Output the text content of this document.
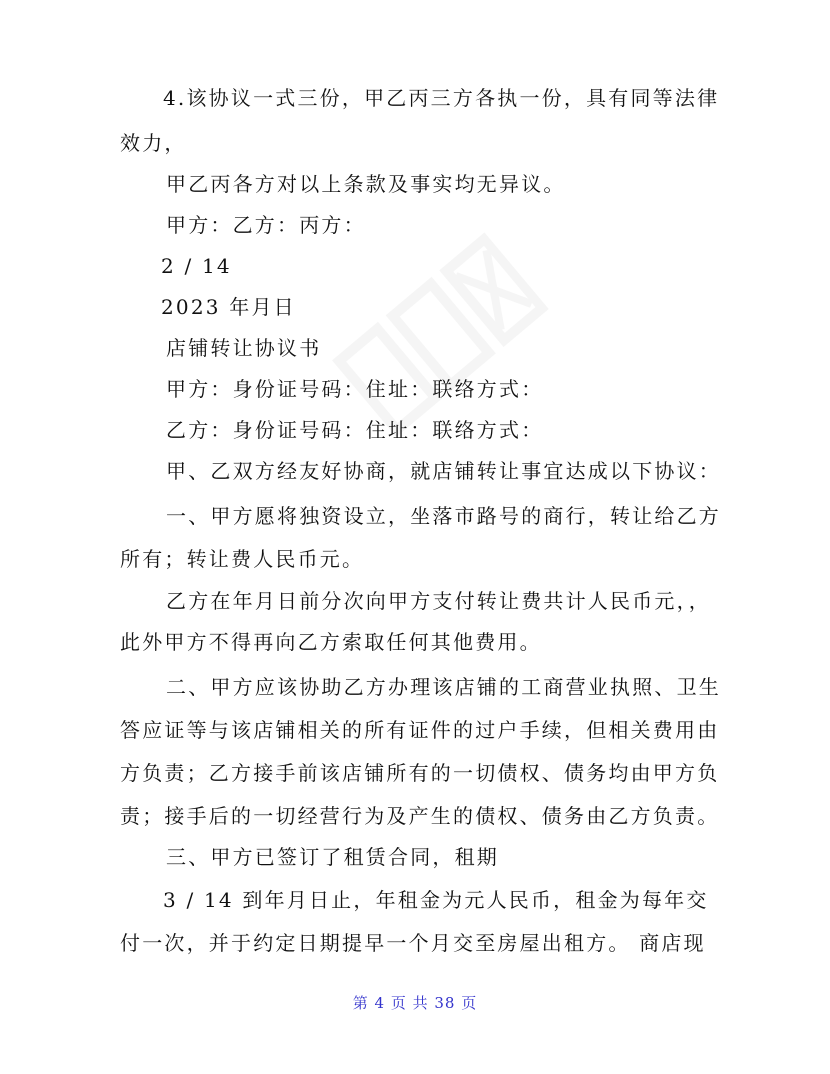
4.该协议一式三份，甲乙丙三方各执一份，具有同等法律
效力，
甲乙丙各方对以上条款及事实均无异议。
甲方：乙方：丙方：
2 / 14
2023 年月日
店铺转让协议书
甲方：身份证号码：住址：联络方式：
乙方：身份证号码：住址：联络方式：
甲、乙双方经友好协商，就店铺转让事宜达成以下协议：
一、甲方愿将独资设立，坐落市路号的商行，转让给乙方
所有；转让费人民币元。
乙方在年月日前分次向甲方支付转让费共计人民币元，，
此外甲方不得再向乙方索取任何其他费用。
二、甲方应该协助乙方办理该店铺的工商营业执照、卫生
答应证等与该店铺相关的所有证件的过户手续，但相关费用由
方负责；乙方接手前该店铺所有的一切债权、债务均由甲方负
责；接手后的一切经营行为及产生的债权、债务由乙方负责。
三、甲方已签订了租赁合同，租期
3 / 14 到年月日止，年租金为元人民币，租金为每年交
付一次，并于约定日期提早一个月交至房屋出租方。 商店现
第 4 页 共 38 页
